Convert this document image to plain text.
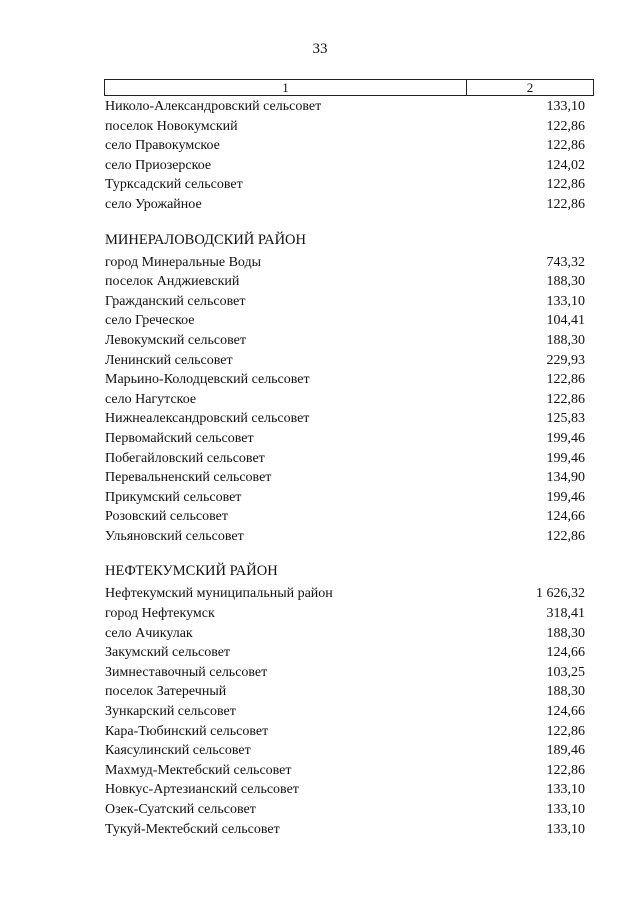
33
1	2
Николо-Александровский сельсовет	133,10
поселок Новокумский	122,86
село Правокумское	122,86
село Приозерское	124,02
Туркcадский сельсовет	122,86
село Урожайное	122,86
МИНЕРАЛОВОДСКИЙ РАЙОН
город Минеральные Воды	743,32
поселок Анджиевский	188,30
Гражданский сельсовет	133,10
село Греческое	104,41
Левокумский сельсовет	188,30
Ленинский сельсовет	229,93
Марьино-Колодцевский сельсовет	122,86
село Нагутское	122,86
Нижнеалександровский сельсовет	125,83
Первомайский сельсовет	199,46
Побегайловский сельсовет	199,46
Перевальненский сельсовет	134,90
Прикумский сельсовет	199,46
Розовский сельсовет	124,66
Ульяновский сельсовет	122,86
НЕФТЕКУМСКИЙ РАЙОН
Нефтекумский муниципальный район	1 626,32
город Нефтекумск	318,41
село Ачикулак	188,30
Закумский сельсовет	124,66
Зимнеставочный сельсовет	103,25
поселок Затеречный	188,30
Зункарский сельсовет	124,66
Кара-Тюбинский сельсовет	122,86
Каясулинский сельсовет	189,46
Махмуд-Мектебский сельсовет	122,86
Новкус-Артезианский сельсовет	133,10
Озек-Суатский сельсовет	133,10
Тукуй-Мектебский сельсовет	133,10
